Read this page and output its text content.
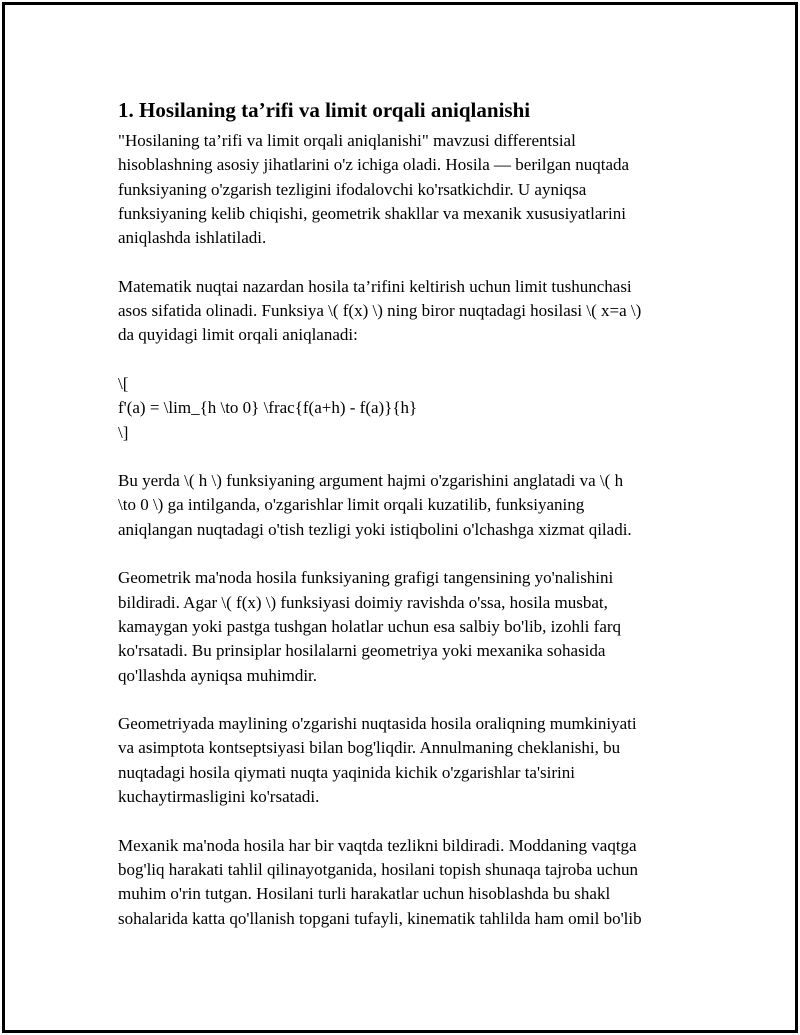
1. Hosilaning ta’rifi va limit orqali aniqlanishi
"Hosilaning ta’rifi va limit orqali aniqlanishi" mavzusi differentsial
hisoblashning asosiy jihatlarini o'z ichiga oladi. Hosila — berilgan nuqtada
funksiyaning o'zgarish tezligini ifodalovchi ko'rsatkichdir. U ayniqsa
funksiyaning kelib chiqishi, geometrik shakllar va mexanik xususiyatlarini
aniqlashda ishlatiladi.
Matematik nuqtai nazardan hosila ta’rifini keltirish uchun limit tushunchasi
asos sifatida olinadi. Funksiya \( f(x) \) ning biror nuqtadagi hosilasi \( x=a \)
da quyidagi limit orqali aniqlanadi:
\[
f'(a) = \lim_{h \to 0} \frac{f(a+h) - f(a)}{h}
\]
Bu yerda \( h \) funksiyaning argument hajmi o'zgarishini anglatadi va \( h
\to 0 \) ga intilganda, o'zgarishlar limit orqali kuzatilib, funksiyaning
aniqlangan nuqtadagi o'tish tezligi yoki istiqbolini o'lchashga xizmat qiladi.
Geometrik ma'noda hosila funksiyaning grafigi tangensining yo'nalishini
bildiradi. Agar \( f(x) \) funksiyasi doimiy ravishda o'ssa, hosila musbat,
kamaygan yoki pastga tushgan holatlar uchun esa salbiy bo'lib, izohli farq
ko'rsatadi. Bu prinsiplar hosilalarni geometriya yoki mexanika sohasida
qo'llashda ayniqsa muhimdir.
Geometriyada maylining o'zgarishi nuqtasida hosila oraliqning mumkiniyati
va asimptota kontseptsiyasi bilan bog'liqdir. Annulmaning cheklanishi, bu
nuqtadagi hosila qiymati nuqta yaqinida kichik o'zgarishlar ta'sirini
kuchaytirmasligini ko'rsatadi.
Mexanik ma'noda hosila har bir vaqtda tezlikni bildiradi. Moddaning vaqtga
bog'liq harakati tahlil qilinayotganida, hosilani topish shunaqa tajroba uchun
muhim o'rin tutgan. Hosilani turli harakatlar uchun hisoblashda bu shakl
sohalarida katta qo'llanish topgani tufayli, kinematik tahlilda ham omil bo'lib
